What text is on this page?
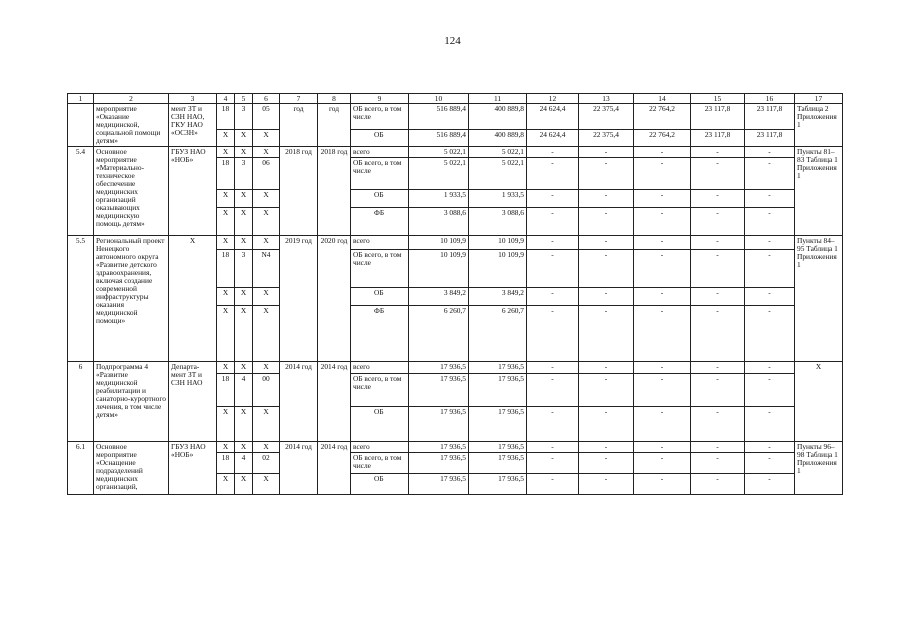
124
1	2	3	4	5	6	7	8	9	10	11	12	13	14	15	16	17
	мероприятие «Оказание медицинской, социальной помощи детям»	мент ЗТ и СЗН НАО, ГКУ НАО «ОСЗН»	18	3	05	год	год	ОБ всего, в том числе	516 889,4	400 889,8	24 624,4	22 375,4	22 764,2	23 117,8	23 117,8	Таблица 2 Приложения 1
			Х	Х	Х			ОБ	516 889,4	400 889,8	24 624,4	22 375,4	22 764,2	23 117,8	23 117,8	
5.4	Основное мероприятие «Материально-техническое обеспечение медицинских организаций оказывающих медицинскую помощь детям»	ГБУЗ НАО «НОБ»	Х	Х	Х	2018 год	2018 год	всего	5 022,1	5 022,1	-	-	-	-	-	Пункты 81–83 Таблица 1 Приложения 1
			18	3	06			ОБ всего, в том числе	5 022,1	5 022,1	-	-	-	-	-	
			Х	Х	Х			ОБ	1 933,5	1 933,5	-	-	-	-	-	
			Х	Х	Х			ФБ	3 088,6	3 088,6	-	-	-	-	-	
5.5	Региональный проект Ненецкого автономного округа «Развитие детского здравоохранения, включая создание современной инфраструктуры оказания медицинской помощи»	Х	Х	Х	Х	2019 год	2020 год	всего	10 109,9	10 109,9	-	-	-	-	-	Пункты 84–95 Таблица 1 Приложения 1
			18	3	N4			ОБ всего, в том числе	10 109,9	10 109,9	-	-	-	-	-	
			Х	Х	Х			ОБ	3 849,2	3 849,2	-	-	-	-	-	
			Х	Х	Х			ФБ	6 260,7	6 260,7	-	-	-	-	-	
6	Подпрограмма 4 «Развитие медицинской реабилитации и санаторно-курортного лечения, в том числе детям»	Департа-мент ЗТ и СЗН НАО	Х	Х	Х	2014 год	2014 год	всего	17 936,5	17 936,5	-	-	-	-	-	Х
			18	4	00			ОБ всего, в том числе	17 936,5	17 936,5	-	-	-	-	-	
			Х	Х	Х			ОБ	17 936,5	17 936,5	-	-	-	-	-	
6.1	Основное мероприятие «Оснащение подразделений медицинских организаций,	ГБУЗ НАО «НОБ»	Х	Х	Х	2014 год	2014 год	всего	17 936,5	17 936,5	-	-	-	-	-	Пункты 96–98 Таблица 1 Приложения 1
			18	4	02			ОБ всего, в том числе	17 936,5	17 936,5	-	-	-	-	-	
			Х	Х	Х			ОБ	17 936,5	17 936,5	-	-	-	-	-	
